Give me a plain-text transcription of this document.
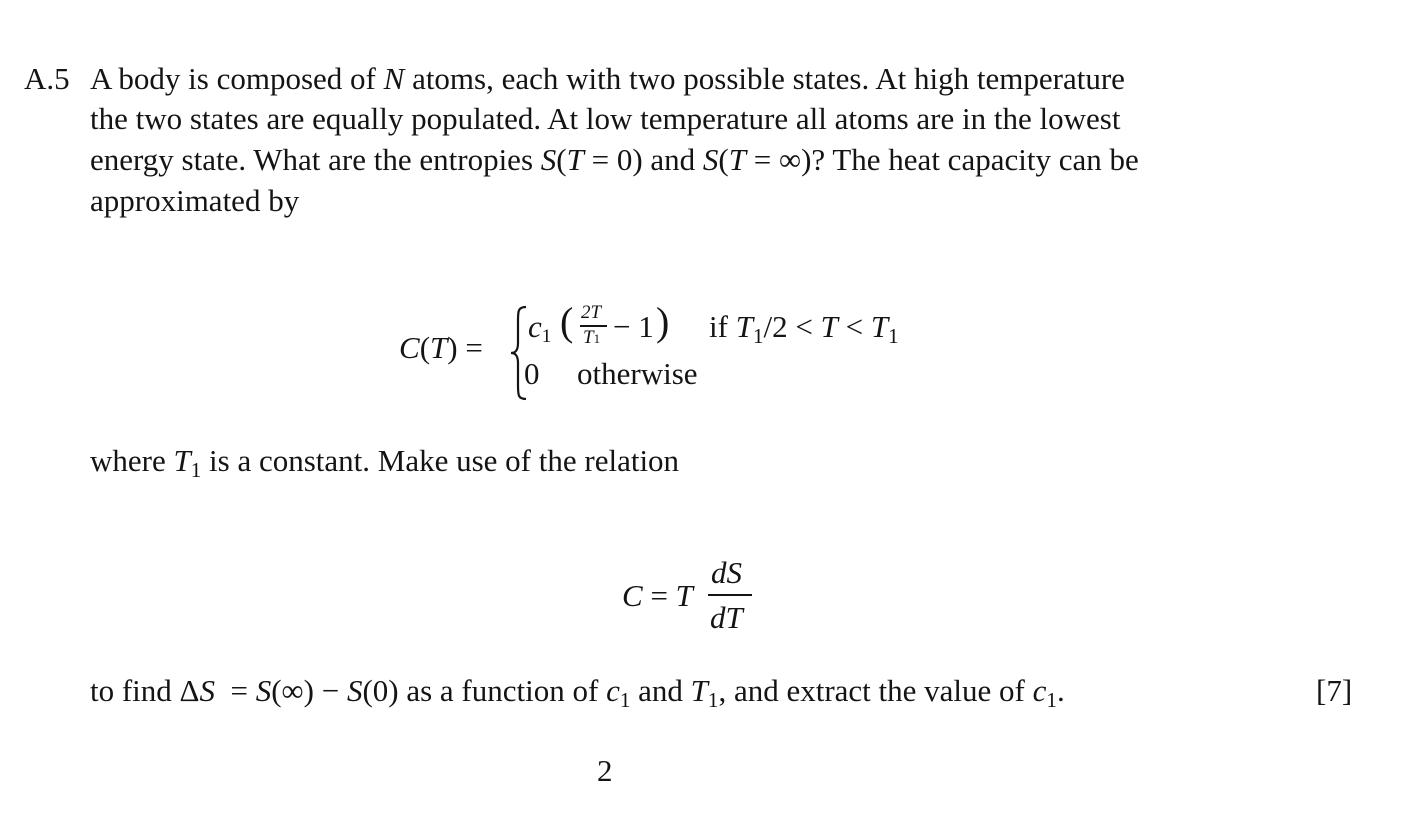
A.5 A body is composed of N atoms, each with two possible states. At high temperature
the two states are equally populated. At low temperature all atoms are in the lowest
energy state. What are the entropies S(T = 0) and S(T = ∞)? The heat capacity can be
approximated by
C(T) =
c1 ( 2T
T1 − 1 ) if $T_1/2 < T < T_1$
0 otherwise
where $T_1$ is a constant. Make use of the relation
C = T
dS
dT
to find ΔS  = S(∞) − S(0) as a function of $c_1$ and $T_1$, and extract the value of $c_1$.	[7]
2
